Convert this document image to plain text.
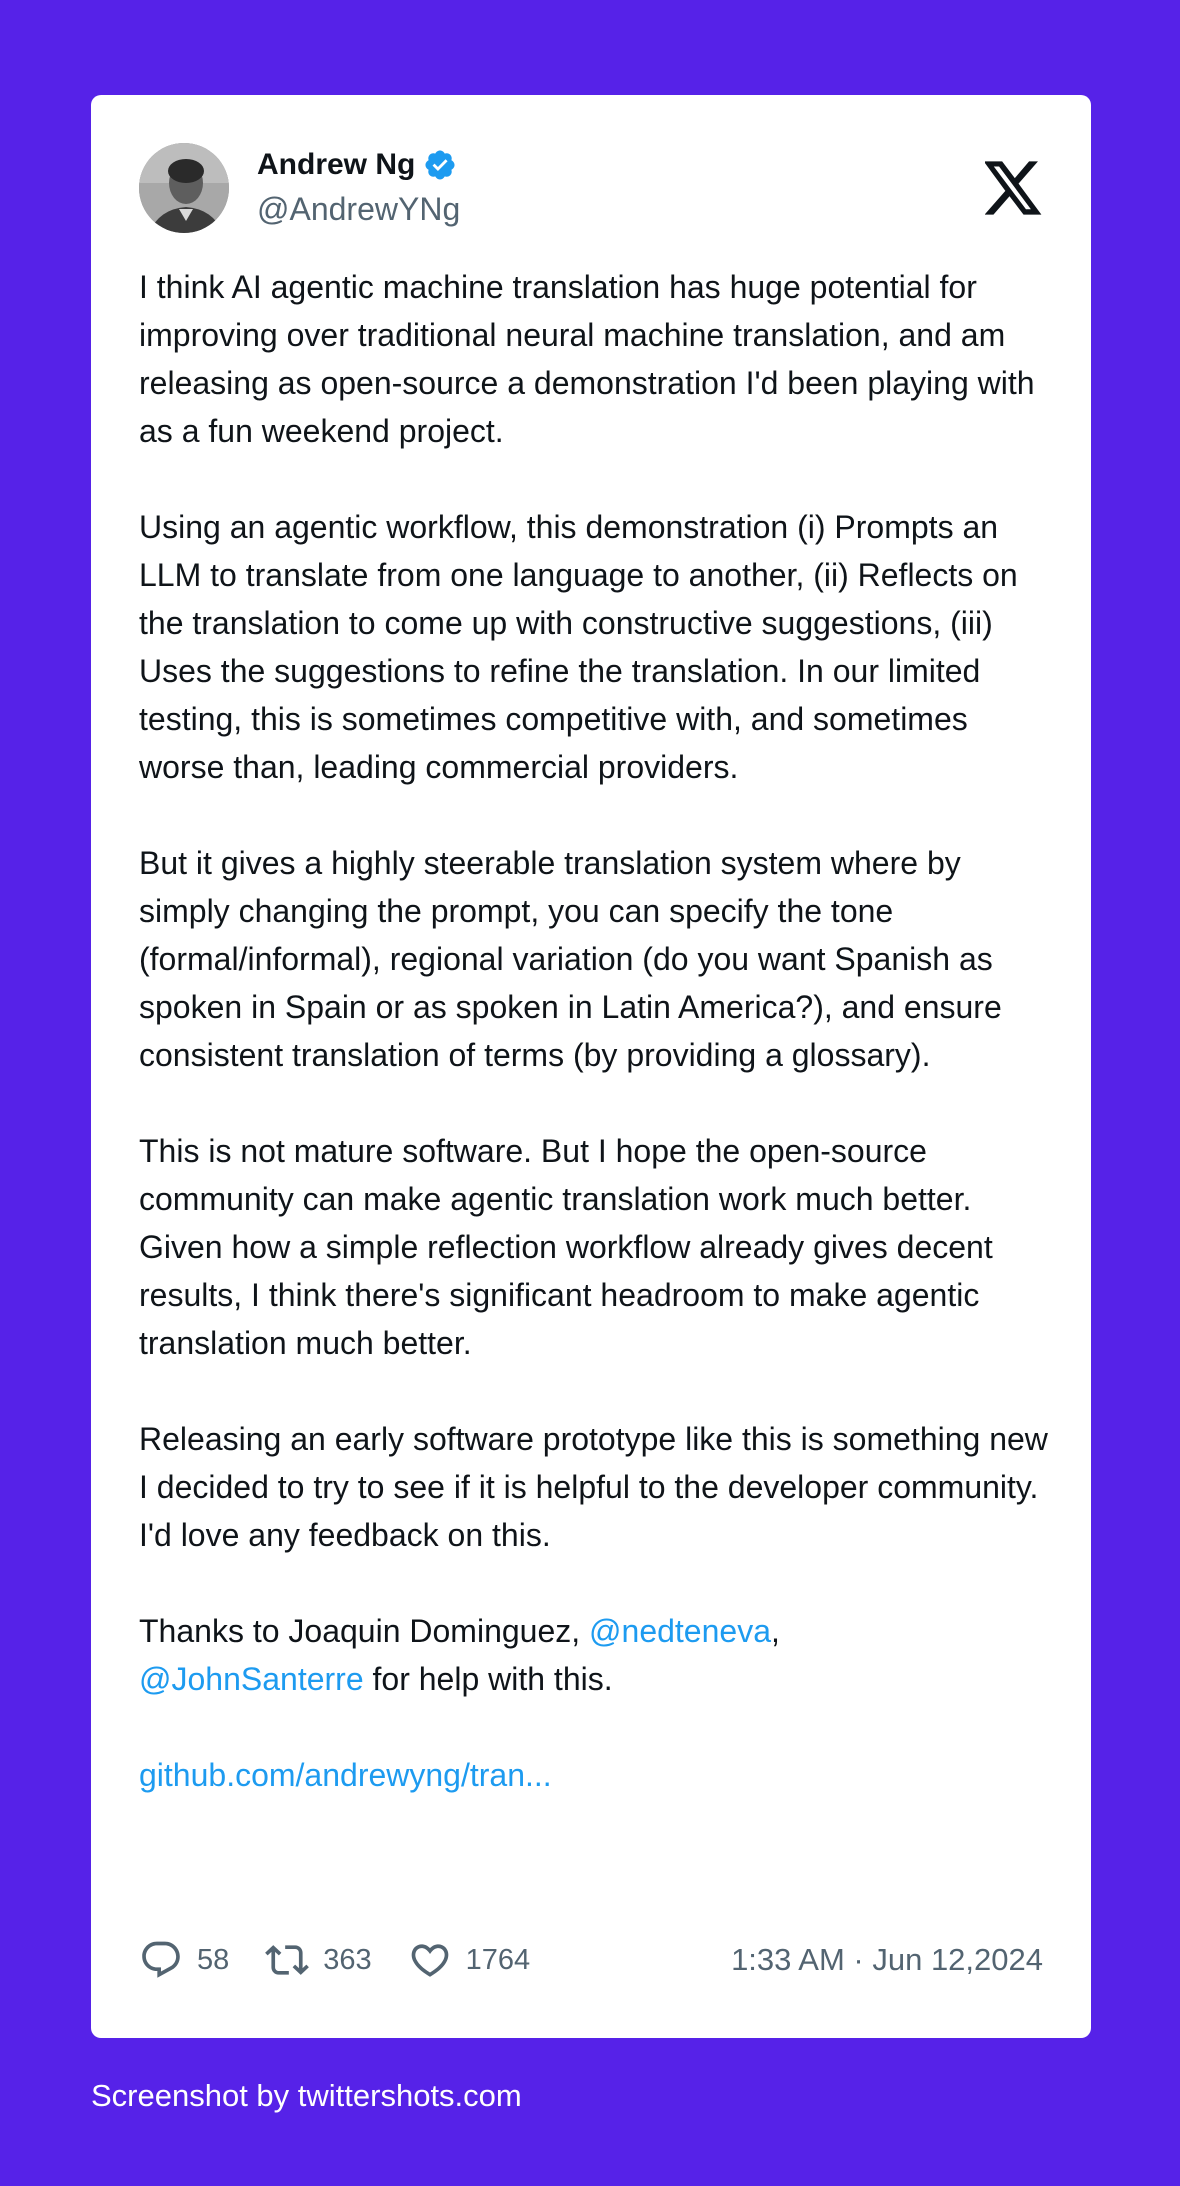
Andrew Ng
@AndrewYNg

I think AI agentic machine translation has huge potential for improving over traditional neural machine translation, and am releasing as open-source a demonstration I'd been playing with as a fun weekend project.

Using an agentic workflow, this demonstration (i) Prompts an LLM to translate from one language to another, (ii) Reflects on the translation to come up with constructive suggestions, (iii) Uses the suggestions to refine the translation. In our limited testing, this is sometimes competitive with, and sometimes worse than, leading commercial providers.

But it gives a highly steerable translation system where by simply changing the prompt, you can specify the tone (formal/informal), regional variation (do you want Spanish as spoken in Spain or as spoken in Latin America?), and ensure consistent translation of terms (by providing a glossary).

This is not mature software. But I hope the open-source community can make agentic translation work much better. Given how a simple reflection workflow already gives decent results, I think there's significant headroom to make agentic translation much better.

Releasing an early software prototype like this is something new I decided to try to see if it is helpful to the developer community. I'd love any feedback on this.

Thanks to Joaquin Dominguez, @nedteneva,
@JohnSanterre for help with this.

github.com/andrewyng/tran...

58	363	1764	1:33 AM · Jun 12,2024
Screenshot by twittershots.com
